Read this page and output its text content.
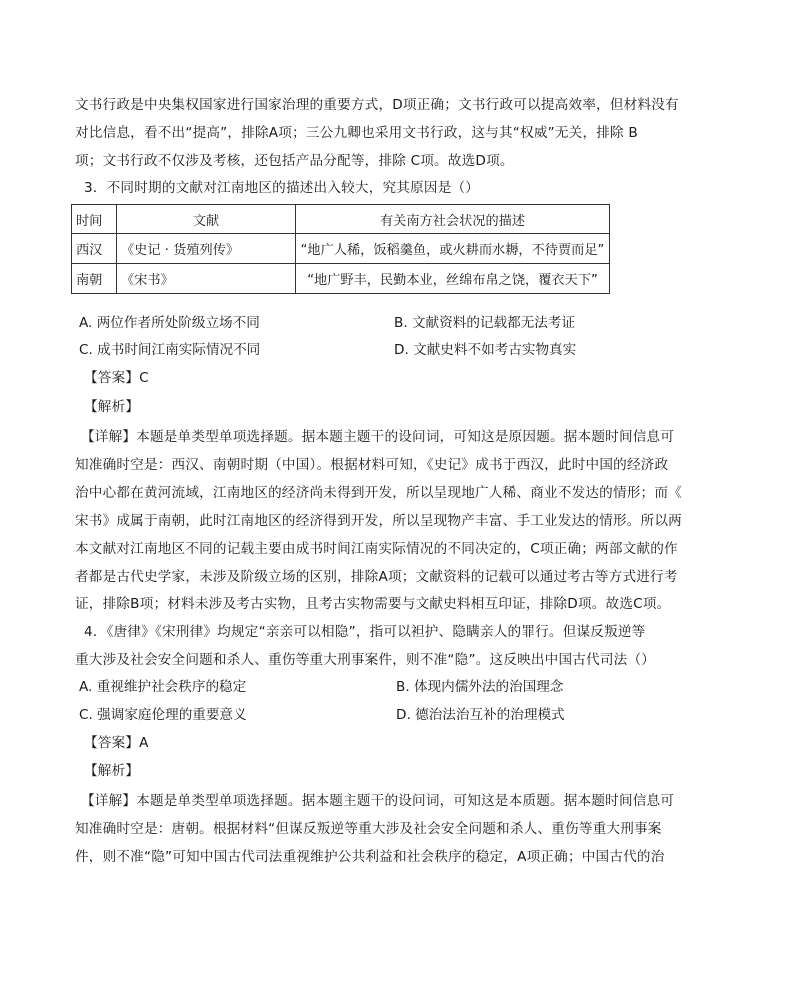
文书行政是中央集权国家进行国家治理的重要方式，D项正确；文书行政可以提高效率，但材料没有
对比信息，看不出“提高”，排除A项；三公九卿也采用文书行政，这与其“权威”无关，排除 B
项；文书行政不仅涉及考核，还包括产品分配等，排除 C项。故选D项。
3．不同时期的文献对江南地区的描述出入较大，究其原因是（）
时间	文献	有关南方社会状况的描述
西汉	《史记 · 货殖列传》	“地广人稀，饭稻羹鱼，或火耕而水耨，不待贾而足”
南朝	《宋书》	“地广野丰，民勤本业，丝绵布帛之饶，覆衣天下”
A. 两位作者所处阶级立场不同	B. 文献资料的记载都无法考证
C. 成书时间江南实际情况不同	D. 文献史料不如考古实物真实
【答案】C
【解析】
【详解】本题是单类型单项选择题。据本题主题干的设问词，可知这是原因题。据本题时间信息可
知准确时空是：西汉、南朝时期（中国）。根据材料可知，《史记》成书于西汉，此时中国的经济政
治中心都在黄河流域，江南地区的经济尚未得到开发，所以呈现地广人稀、商业不发达的情形；而《
宋书》成属于南朝，此时江南地区的经济得到开发，所以呈现物产丰富、手工业发达的情形。所以两
本文献对江南地区不同的记载主要由成书时间江南实际情况的不同决定的，C项正确；两部文献的作
者都是古代史学家，未涉及阶级立场的区别，排除A项；文献资料的记载可以通过考古等方式进行考
证，排除B项；材料未涉及考古实物，且考古实物需要与文献史料相互印证，排除D项。故选C项。
4．《唐律》《宋刑律》均规定“亲亲可以相隐”，指可以袒护、隐瞒亲人的罪行。但谋反叛逆等
重大涉及社会安全问题和杀人、重伤等重大刑事案件，则不准“隐”。这反映出中国古代司法（）
A. 重视维护社会秩序的稳定	B. 体现内儒外法的治国理念
C. 强调家庭伦理的重要意义	D. 德治法治互补的治理模式
【答案】A
【解析】
【详解】本题是单类型单项选择题。据本题主题干的设问词，可知这是本质题。据本题时间信息可
知准确时空是：唐朝。根据材料“但谋反叛逆等重大涉及社会安全问题和杀人、重伤等重大刑事案
件，则不准“隐”可知中国古代司法重视维护公共利益和社会秩序的稳定，A项正确；中国古代的治
